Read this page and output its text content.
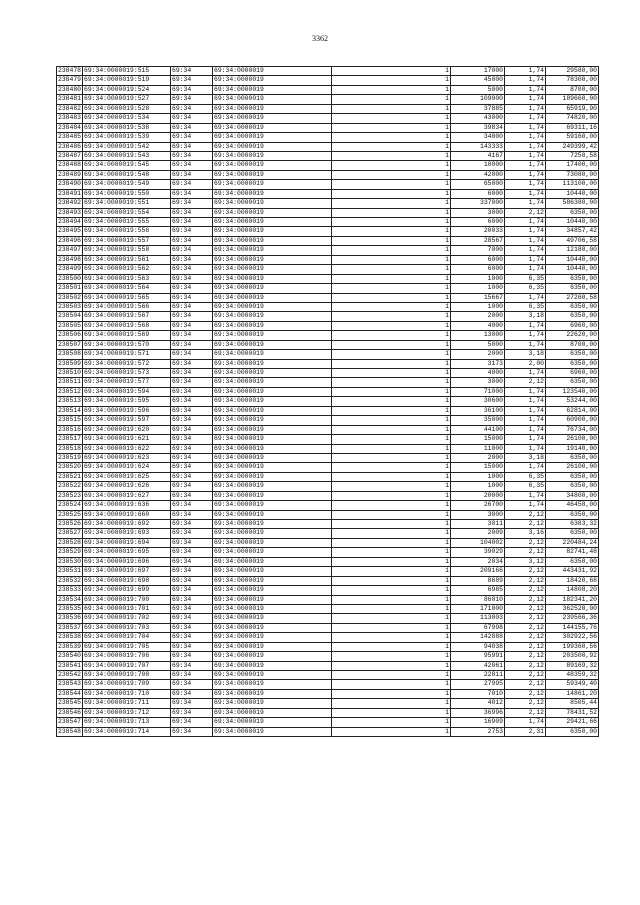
3362
238478	69:34:0000019:515	69:34	69:34:0000019	1	17000	1,74	29580,00
238479	69:34:0000019:519	69:34	69:34:0000019	1	45000	1,74	78300,00
238480	69:34:0000019:524	69:34	69:34:0000019	1	5000	1,74	8700,00
238481	69:34:0000019:527	69:34	69:34:0000019	1	109000	1,74	189660,00
238482	69:34:0000019:528	69:34	69:34:0000019	1	37885	1,74	65919,90
238483	69:34:0000019:534	69:34	69:34:0000019	1	43000	1,74	74820,00
238484	69:34:0000019:538	69:34	69:34:0000019	1	39834	1,74	69311,16
238485	69:34:0000019:539	69:34	69:34:0000019	1	34000	1,74	59160,00
238486	69:34:0000019:542	69:34	69:34:0000019	1	143333	1,74	249399,42
238487	69:34:0000019:543	69:34	69:34:0000019	1	4167	1,74	7250,58
238488	69:34:0000019:545	69:34	69:34:0000019	1	10000	1,74	17400,00
238489	69:34:0000019:548	69:34	69:34:0000019	1	42000	1,74	73080,00
238490	69:34:0000019:549	69:34	69:34:0000019	1	65000	1,74	113100,00
238491	69:34:0000019:550	69:34	69:34:0000019	1	6000	1,74	10440,00
238492	69:34:0000019:551	69:34	69:34:0000019	1	337000	1,74	586380,00
238493	69:34:0000019:554	69:34	69:34:0000019	1	3000	2,12	6350,00
238494	69:34:0000019:555	69:34	69:34:0000019	1	6000	1,74	10440,00
238495	69:34:0000019:556	69:34	69:34:0000019	1	20033	1,74	34857,42
238496	69:34:0000019:557	69:34	69:34:0000019	1	28567	1,74	49706,58
238497	69:34:0000019:558	69:34	69:34:0000019	1	7000	1,74	12180,00
238498	69:34:0000019:561	69:34	69:34:0000019	1	6000	1,74	10440,00
238499	69:34:0000019:562	69:34	69:34:0000019	1	6000	1,74	10440,00
238500	69:34:0000019:563	69:34	69:34:0000019	1	1000	6,35	6350,00
238501	69:34:0000019:564	69:34	69:34:0000019	1	1000	6,35	6350,00
238502	69:34:0000019:565	69:34	69:34:0000019	1	15667	1,74	27260,58
238503	69:34:0000019:566	69:34	69:34:0000019	1	1000	6,35	6350,00
238504	69:34:0000019:567	69:34	69:34:0000019	1	2000	3,18	6350,00
238505	69:34:0000019:568	69:34	69:34:0000019	1	4000	1,74	6960,00
238506	69:34:0000019:569	69:34	69:34:0000019	1	13000	1,74	22620,00
238507	69:34:0000019:570	69:34	69:34:0000019	1	5000	1,74	8700,00
238508	69:34:0000019:571	69:34	69:34:0000019	1	2000	3,18	6350,00
238509	69:34:0000019:572	69:34	69:34:0000019	1	3173	2,00	6350,00
238510	69:34:0000019:573	69:34	69:34:0000019	1	4000	1,74	6960,00
238511	69:34:0000019:577	69:34	69:34:0000019	1	3000	2,12	6350,00
238512	69:34:0000019:594	69:34	69:34:0000019	1	71000	1,74	123540,00
238513	69:34:0000019:595	69:34	69:34:0000019	1	30600	1,74	53244,00
238514	69:34:0000019:596	69:34	69:34:0000019	1	36100	1,74	62814,00
238515	69:34:0000019:597	69:34	69:34:0000019	1	35000	1,74	60900,00
238516	69:34:0000019:620	69:34	69:34:0000019	1	44100	1,74	76734,00
238517	69:34:0000019:621	69:34	69:34:0000019	1	15000	1,74	26100,00
238518	69:34:0000019:622	69:34	69:34:0000019	1	11000	1,74	19140,00
238519	69:34:0000019:623	69:34	69:34:0000019	1	2000	3,18	6350,00
238520	69:34:0000019:624	69:34	69:34:0000019	1	15000	1,74	26100,00
238521	69:34:0000019:625	69:34	69:34:0000019	1	1000	6,35	6350,00
238522	69:34:0000019:626	69:34	69:34:0000019	1	1000	6,35	6350,00
238523	69:34:0000019:627	69:34	69:34:0000019	1	20000	1,74	34800,00
238524	69:34:0000019:636	69:34	69:34:0000019	1	26700	1,74	46458,00
238525	69:34:0000019:660	69:34	69:34:0000019	1	3000	2,12	6350,00
238526	69:34:0000019:692	69:34	69:34:0000019	1	3011	2,12	6383,32
238527	69:34:0000019:693	69:34	69:34:0000019	1	2009	3,16	6350,00
238528	69:34:0000019:694	69:34	69:34:0000019	1	104002	2,12	220484,24
238529	69:34:0000019:695	69:34	69:34:0000019	1	39029	2,12	82741,48
238530	69:34:0000019:696	69:34	69:34:0000019	1	2034	3,12	6350,00
238531	69:34:0000019:697	69:34	69:34:0000019	1	209166	2,12	443431,92
238532	69:34:0000019:698	69:34	69:34:0000019	1	8689	2,12	18420,68
238533	69:34:0000019:699	69:34	69:34:0000019	1	6985	2,12	14808,20
238534	69:34:0000019:700	69:34	69:34:0000019	1	86010	2,12	182341,20
238535	69:34:0000019:701	69:34	69:34:0000019	1	171000	2,12	362520,00
238536	69:34:0000019:702	69:34	69:34:0000019	1	113003	2,12	239566,36
238537	69:34:0000019:703	69:34	69:34:0000019	1	67998	2,12	144155,76
238538	69:34:0000019:704	69:34	69:34:0000019	1	142888	2,12	302922,56
238539	69:34:0000019:705	69:34	69:34:0000019	1	94038	2,12	199360,56
238540	69:34:0000019:706	69:34	69:34:0000019	1	95991	2,12	203500,92
238541	69:34:0000019:707	69:34	69:34:0000019	1	42061	2,12	89169,32
238542	69:34:0000019:708	69:34	69:34:0000019	1	22811	2,12	48359,32
238543	69:34:0000019:709	69:34	69:34:0000019	1	27995	2,12	59349,40
238544	69:34:0000019:710	69:34	69:34:0000019	1	7010	2,12	14861,20
238545	69:34:0000019:711	69:34	69:34:0000019	1	4012	2,12	8505,44
238546	69:34:0000019:712	69:34	69:34:0000019	1	36996	2,12	78431,52
238547	69:34:0000019:713	69:34	69:34:0000019	1	16909	1,74	29421,66
238548	69:34:0000019:714	69:34	69:34:0000019	1	2753	2,31	6350,00
